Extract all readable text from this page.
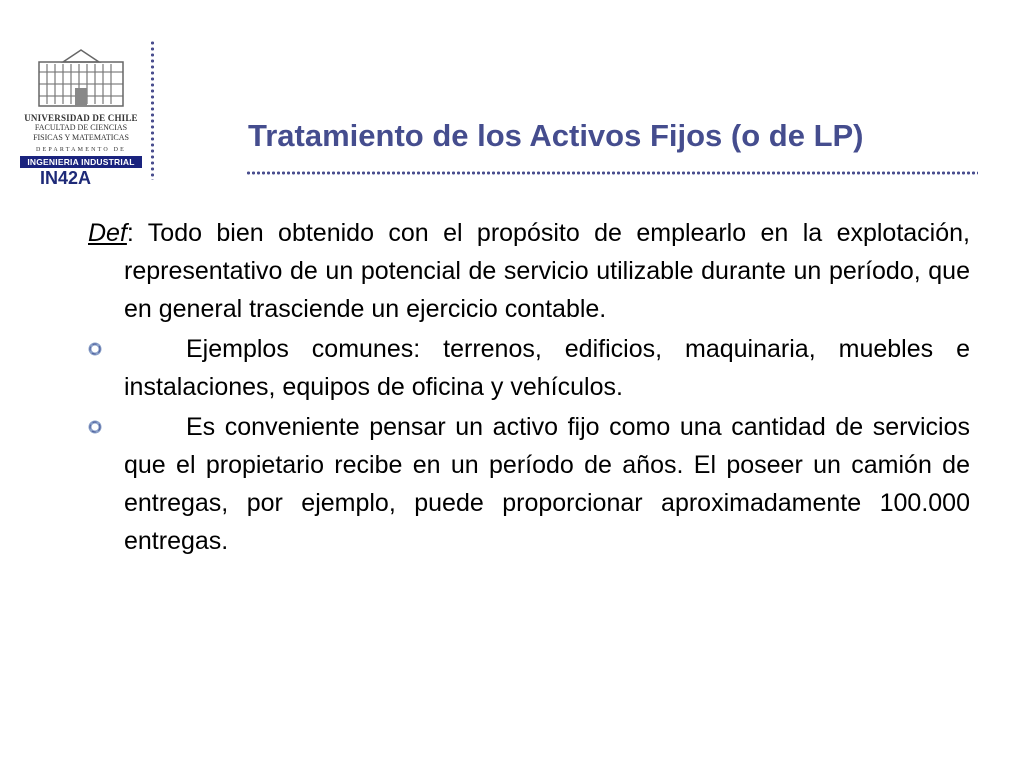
UNIVERSIDAD DE CHILE
FACULTAD DE CIENCIAS
FISICAS Y MATEMATICAS
DEPARTAMENTO DE
INGENIERIA INDUSTRIAL
IN42A
Tratamiento de los Activos Fijos (o de LP)
Def: Todo bien obtenido con el propósito de emplearlo en la explotación, representativo de un potencial de servicio utilizable durante un período, que en general trasciende un ejercicio contable.
Ejemplos comunes: terrenos, edificios, maquinaria, muebles e instalaciones, equipos de oficina y vehículos.
Es conveniente pensar un activo fijo como una cantidad de servicios que el propietario recibe en un período de años. El poseer un camión de entregas, por ejemplo, puede proporcionar aproximadamente 100.000 entregas.
